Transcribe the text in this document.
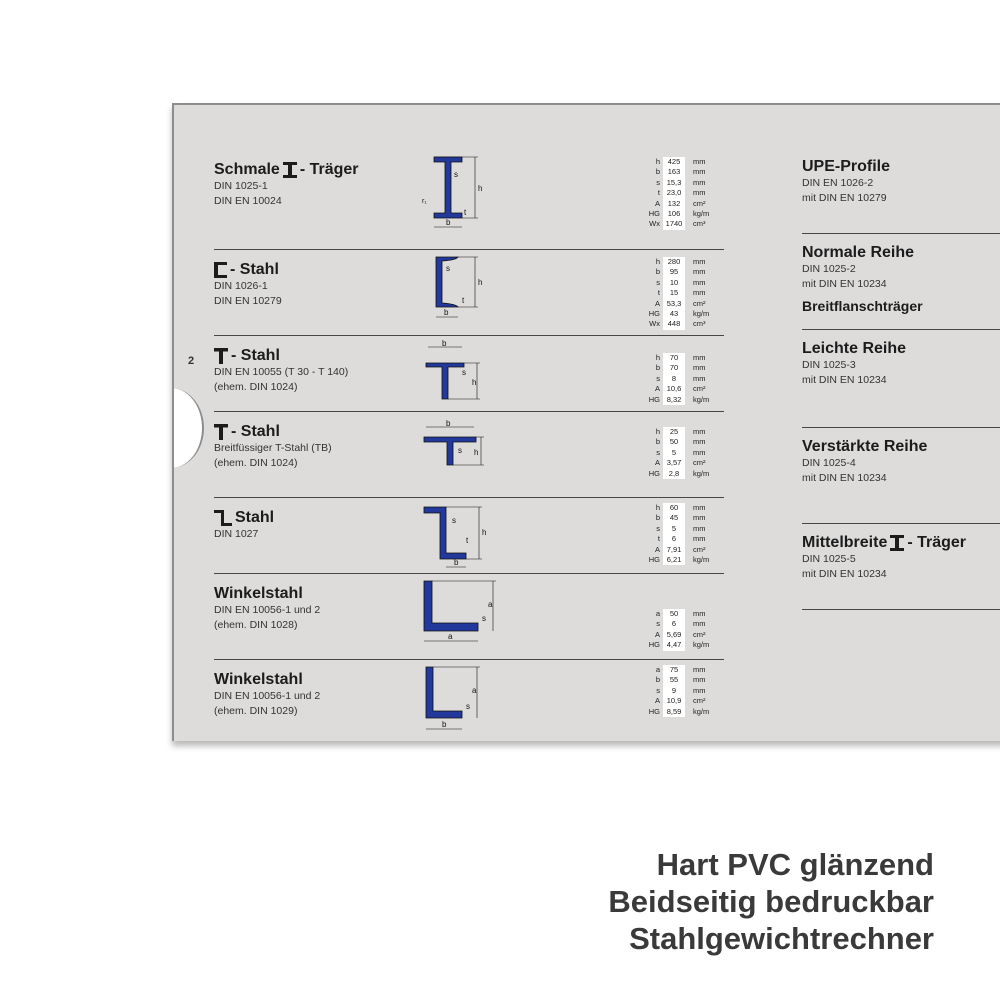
2
Schmale - Träger
DIN 1025-1
DIN EN 10024
h
b
s
t
r₁
h	425	mm
b	163	mm
s 15,3	mm
t 23,0	mm
A	132	cm²
HG	106	kg/m
Wx 1740	cm³
- Stahl
DIN 1026-1
DIN EN 10279
h
b
s
t
h	280	mm
b	95	mm
s	10	mm
t	15	mm
A 53,3	cm²
HG	43	kg/m
Wx	448	cm³
- Stahl
DIN EN 10055 (T 30 - T 140)
(ehem. DIN 1024)
b
h
s
h	70	mm
b	70	mm
s	8	mm
A 10,6	cm²
HG 8,32	kg/m
- Stahl
Breitfüssiger T-Stahl (TB)
(ehem. DIN 1024)
b
h
s
h	25	mm
b	50	mm
s	5	mm
A 3,57	cm²
HG	2,8	kg/m
Stahl
DIN 1027	h
s
t
b
h	60	mm
b	45	mm
s	5	mm
t	6	mm
A 7,91	cm²
HG 6,21	kg/m
Winkelstahl
DIN EN 10056-1 und 2
(ehem. DIN 1028)
a
a
s
a	50	mm
s	6	mm
A 5,69	cm²
HG 4,47	kg/m
Winkelstahl
DIN EN 10056-1 und 2
(ehem. DIN 1029)
a
b
s
a	75	mm
b	55	mm
s	9	mm
A 10,9	cm²
HG 8,59	kg/m
UPE-Profile
DIN EN 1026-2
mit DIN EN 10279
Normale Reihe
DIN 1025-2
mit DIN EN 10234
Breitflanschträger
Leichte Reihe
DIN 1025-3
mit DIN EN 10234
Verstärkte Reihe
DIN 1025-4
mit DIN EN 10234
Mittelbreite - Träger
DIN 1025-5
mit DIN EN 10234
Hart PVC glänzend
Beidseitig bedruckbar
Stahlgewichtrechner
